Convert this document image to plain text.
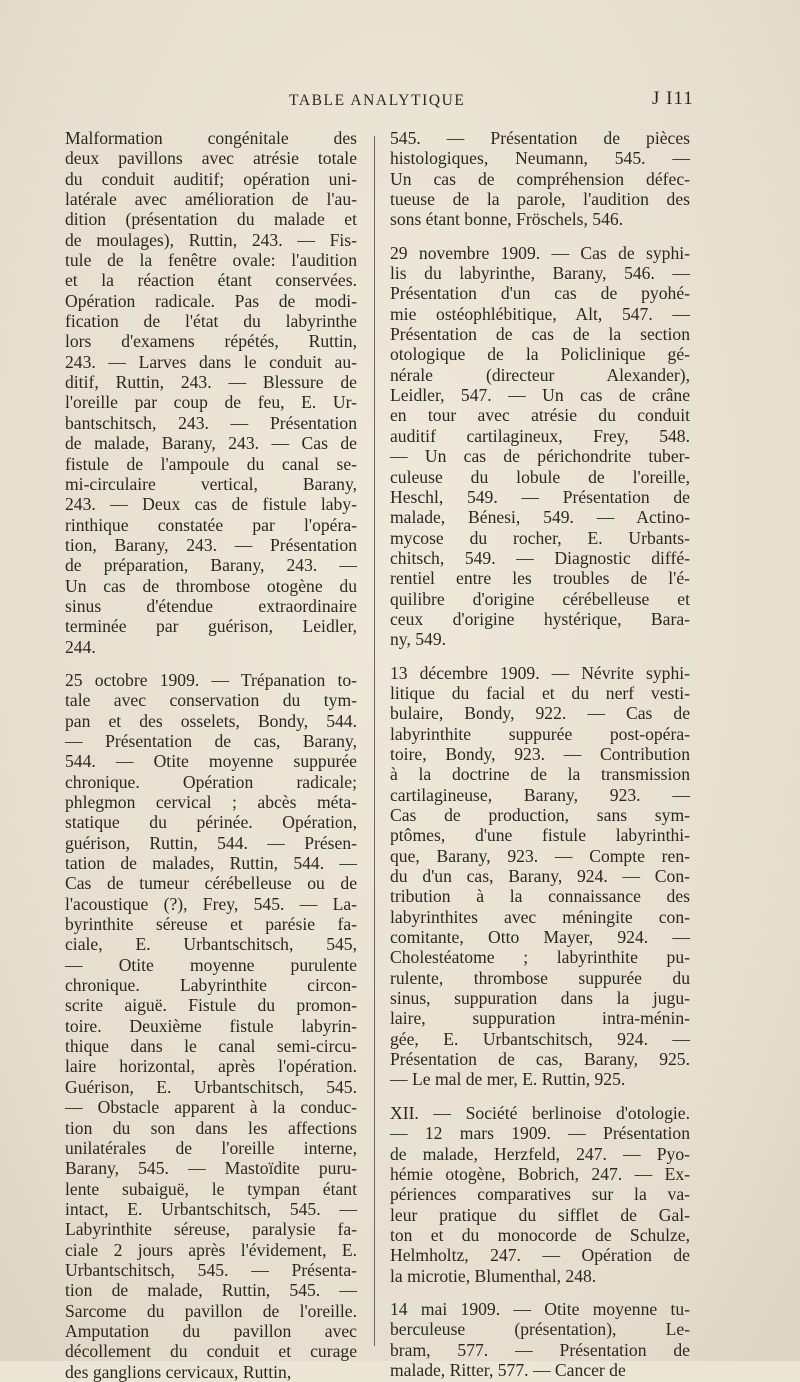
TABLE ANALYTIQUE	J I11
Malformation congénitale des
deux pavillons avec atrésie totale
du conduit auditif; opération uni-
latérale avec amélioration de l'au-
dition (présentation du malade et
de moulages), Ruttin, 243. — Fis-
tule de la fenêtre ovale: l'audition
et la réaction étant conservées.
Opération radicale. Pas de modi-
fication de l'état du labyrinthe
lors d'examens répétés, Ruttin,
243. — Larves dans le conduit au-
ditif, Ruttin, 243. — Blessure de
l'oreille par coup de feu, E. Ur-
bantschitsch, 243. — Présentation
de malade, Barany, 243. — Cas de
fistule de l'ampoule du canal se-
mi-circulaire vertical, Barany,
243. — Deux cas de fistule laby-
rinthique constatée par l'opéra-
tion, Barany, 243. — Présentation
de préparation, Barany, 243. —
Un cas de thrombose otogène du
sinus d'étendue extraordinaire
terminée par guérison, Leidler,
244.
25 octobre 1909. — Trépanation to-
tale avec conservation du tym-
pan et des osselets, Bondy, 544.
— Présentation de cas, Barany,
544. — Otite moyenne suppurée
chronique. Opération radicale;
phlegmon cervical ; abcès méta-
statique du périnée. Opération,
guérison, Ruttin, 544. — Présen-
tation de malades, Ruttin, 544. —
Cas de tumeur cérébelleuse ou de
l'acoustique (?), Frey, 545. — La-
byrinthite séreuse et parésie fa-
ciale, E. Urbantschitsch, 545,
— Otite moyenne purulente
chronique. Labyrinthite circon-
scrite aiguë. Fistule du promon-
toire. Deuxième fistule labyrin-
thique dans le canal semi-circu-
laire horizontal, après l'opération.
Guérison, E. Urbantschitsch, 545.
— Obstacle apparent à la conduc-
tion du son dans les affections
unilatérales de l'oreille interne,
Barany, 545. — Mastoïdite puru-
lente subaiguë, le tympan étant
intact, E. Urbantschitsch, 545. —
Labyrinthite séreuse, paralysie fa-
ciale 2 jours après l'évidement, E.
Urbantschitsch, 545. — Présenta-
tion de malade, Ruttin, 545. —
Sarcome du pavillon de l'oreille.
Amputation du pavillon avec
décollement du conduit et curage
des ganglions cervicaux, Ruttin,
545. — Présentation de pièces
histologiques, Neumann, 545. —
Un cas de compréhension défec-
tueuse de la parole, l'audition des
sons étant bonne, Fröschels, 546.
29 novembre 1909. — Cas de syphi-
lis du labyrinthe, Barany, 546. —
Présentation d'un cas de pyohé-
mie ostéophlébitique, Alt, 547. —
Présentation de cas de la section
otologique de la Policlinique gé-
nérale (directeur Alexander),
Leidler, 547. — Un cas de crâne
en tour avec atrésie du conduit
auditif cartilagineux, Frey, 548.
— Un cas de périchondrite tuber-
culeuse du lobule de l'oreille,
Heschl, 549. — Présentation de
malade, Bénesi, 549. — Actino-
mycose du rocher, E. Urbants-
chitsch, 549. — Diagnostic diffé-
rentiel entre les troubles de l'é-
quilibre d'origine cérébelleuse et
ceux d'origine hystérique, Bara-
ny, 549.
13 décembre 1909. — Névrite syphi-
litique du facial et du nerf vesti-
bulaire, Bondy, 922. — Cas de
labyrinthite suppurée post-opéra-
toire, Bondy, 923. — Contribution
à la doctrine de la transmission
cartilagineuse, Barany, 923. —
Cas de production, sans sym-
ptômes, d'une fistule labyrinthi-
que, Barany, 923. — Compte ren-
du d'un cas, Barany, 924. — Con-
tribution à la connaissance des
labyrinthites avec méningite con-
comitante, Otto Mayer, 924. —
Cholestéatome ; labyrinthite pu-
rulente, thrombose suppurée du
sinus, suppuration dans la jugu-
laire, suppuration intra-ménin-
gée, E. Urbantschitsch, 924. —
Présentation de cas, Barany, 925.
— Le mal de mer, E. Ruttin, 925.
XII. — Société berlinoise d'otologie.
— 12 mars 1909. — Présentation
de malade, Herzfeld, 247. — Pyo-
hémie otogène, Bobrich, 247. — Ex-
périences comparatives sur la va-
leur pratique du sifflet de Gal-
ton et du monocorde de Schulze,
Helmholtz, 247. — Opération de
la microtie, Blumenthal, 248.
14 mai 1909. — Otite moyenne tu-
berculeuse (présentation), Le-
bram, 577. — Présentation de
malade, Ritter, 577. — Cancer de
